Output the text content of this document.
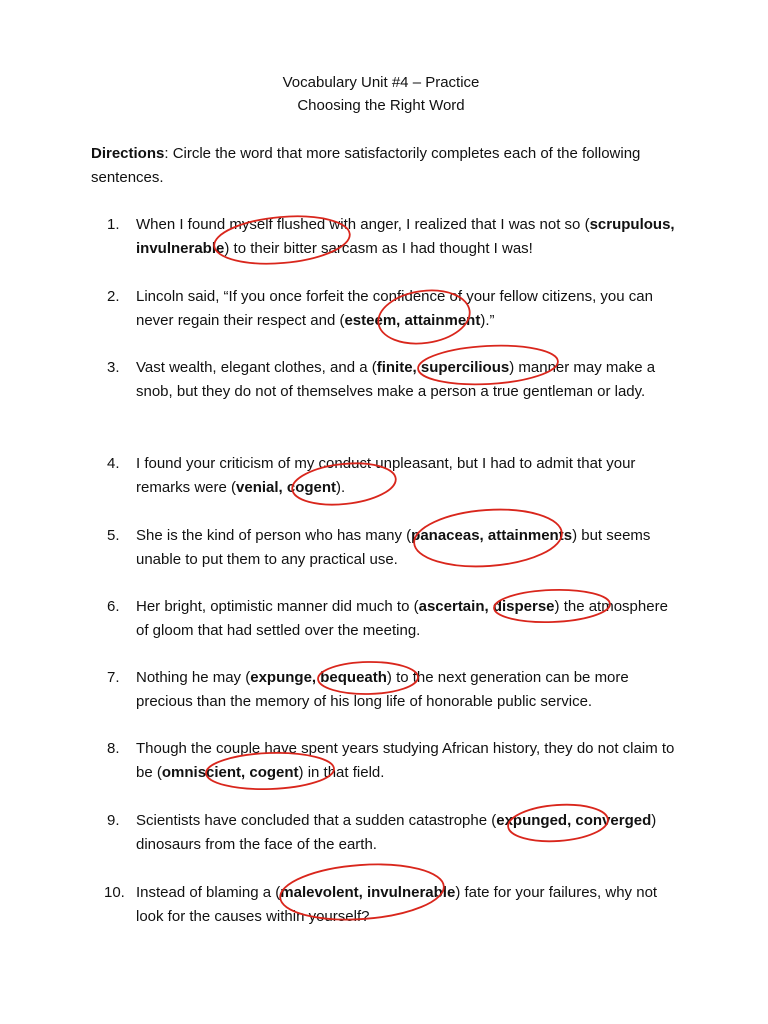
Vocabulary Unit #4 – Practice
Choosing the Right Word

Directions: Circle the word that more satisfactorily completes each of the following sentences.

1.	When I found myself flushed with anger, I realized that I was not so (scrupulous, invulnerable) to their bitter sarcasm as I had thought I was!
2.	Lincoln said, “If you once forfeit the confidence of your fellow citizens, you can never regain their respect and (esteem, attainment).”
3.	Vast wealth, elegant clothes, and a (finite, supercilious) manner may make a snob, but they do not of themselves make a person a true gentleman or lady.
4.	I found your criticism of my conduct unpleasant, but I had to admit that your remarks were (venial, cogent).
5.	She is the kind of person who has many (panaceas, attainments) but seems unable to put them to any practical use.
6.	Her bright, optimistic manner did much to (ascertain, disperse) the atmosphere of gloom that had settled over the meeting.
7.	Nothing he may (expunge, bequeath) to the next generation can be more precious than the memory of his long life of honorable public service.
8.	Though the couple have spent years studying African history, they do not claim to be (omniscient, cogent) in that field.
9.	Scientists have concluded that a sudden catastrophe (expunged, converged) dinosaurs from the face of the earth.
10. Instead of blaming a (malevolent, invulnerable) fate for your failures, why not look for the causes within yourself?
